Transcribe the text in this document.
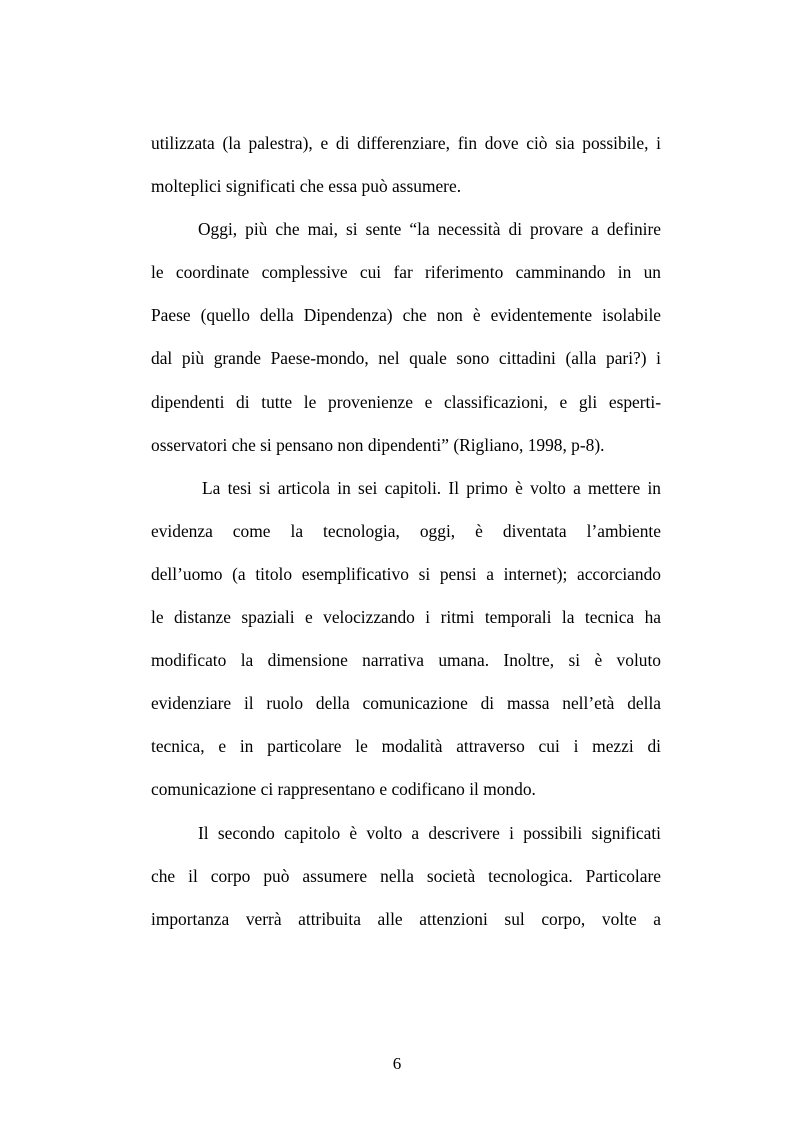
utilizzata (la palestra), e di differenziare, fin dove ciò sia possibile, i
molteplici significati che essa può assumere.

Oggi, più che mai, si sente “la necessità di provare a definire
le coordinate complessive cui far riferimento camminando in un
Paese (quello della Dipendenza) che non è evidentemente isolabile
dal più grande Paese-mondo, nel quale sono cittadini (alla pari?) i
dipendenti di tutte le provenienze e classificazioni, e gli esperti-
osservatori che si pensano non dipendenti” (Rigliano, 1998, p-8).

La tesi si articola in sei capitoli. Il primo è volto a mettere in
evidenza come la tecnologia, oggi, è diventata l’ambiente
dell’uomo (a titolo esemplificativo si pensi a internet); accorciando
le distanze spaziali e velocizzando i ritmi temporali la tecnica ha
modificato la dimensione narrativa umana. Inoltre, si è voluto
evidenziare il ruolo della comunicazione di massa nell’età della
tecnica, e in particolare le modalità attraverso cui i mezzi di
comunicazione ci rappresentano e codificano il mondo.

Il secondo capitolo è volto a descrivere i possibili significati
che il corpo può assumere nella società tecnologica. Particolare
importanza verrà attribuita alle attenzioni sul corpo, volte a

6
